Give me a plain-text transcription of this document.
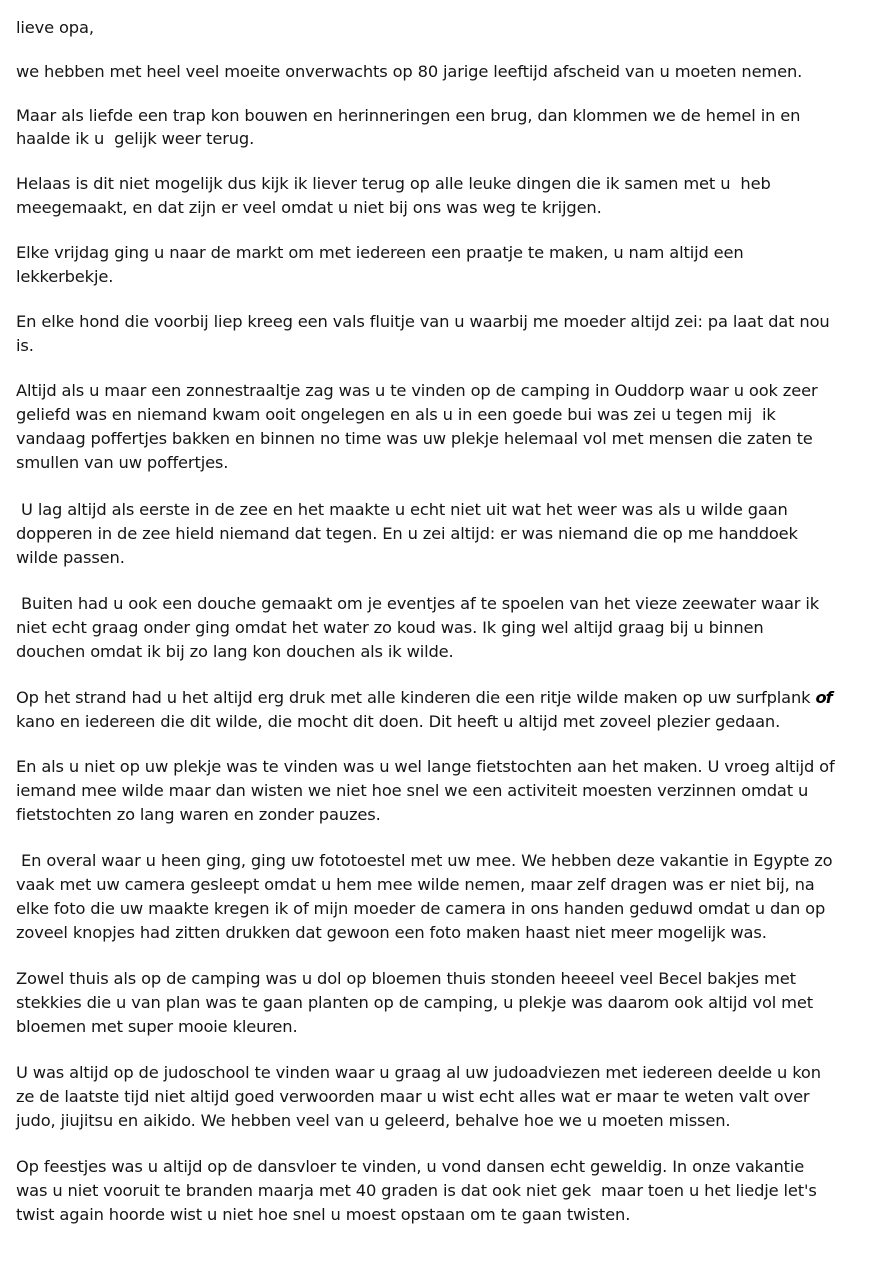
lieve opa,
we hebben met heel veel moeite onverwachts op 80 jarige leeftijd afscheid van u moeten nemen.
Maar als liefde een trap kon bouwen en herinneringen een brug, dan klommen we de hemel in en
haalde ik u  gelijk weer terug.
Helaas is dit niet mogelijk dus kijk ik liever terug op alle leuke dingen die ik samen met u  heb
meegemaakt, en dat zijn er veel omdat u niet bij ons was weg te krijgen.
Elke vrijdag ging u naar de markt om met iedereen een praatje te maken, u nam altijd een
lekkerbekje.
En elke hond die voorbij liep kreeg een vals fluitje van u waarbij me moeder altijd zei: pa laat dat nou
is.
Altijd als u maar een zonnestraaltje zag was u te vinden op de camping in Ouddorp waar u ook zeer
geliefd was en niemand kwam ooit ongelegen en als u in een goede bui was zei u tegen mij  ik
vandaag poffertjes bakken en binnen no time was uw plekje helemaal vol met mensen die zaten te
smullen van uw poffertjes.
U lag altijd als eerste in de zee en het maakte u echt niet uit wat het weer was als u wilde gaan
dopperen in de zee hield niemand dat tegen. En u zei altijd: er was niemand die op me handdoek
wilde passen.
Buiten had u ook een douche gemaakt om je eventjes af te spoelen van het vieze zeewater waar ik
niet echt graag onder ging omdat het water zo koud was. Ik ging wel altijd graag bij u binnen
douchen omdat ik bij zo lang kon douchen als ik wilde.
Op het strand had u het altijd erg druk met alle kinderen die een ritje wilde maken op uw surfplank of
kano en iedereen die dit wilde, die mocht dit doen. Dit heeft u altijd met zoveel plezier gedaan.
En als u niet op uw plekje was te vinden was u wel lange fietstochten aan het maken. U vroeg altijd of
iemand mee wilde maar dan wisten we niet hoe snel we een activiteit moesten verzinnen omdat u
fietstochten zo lang waren en zonder pauzes.
En overal waar u heen ging, ging uw fototoestel met uw mee. We hebben deze vakantie in Egypte zo
vaak met uw camera gesleept omdat u hem mee wilde nemen, maar zelf dragen was er niet bij, na
elke foto die uw maakte kregen ik of mijn moeder de camera in ons handen geduwd omdat u dan op
zoveel knopjes had zitten drukken dat gewoon een foto maken haast niet meer mogelijk was.
Zowel thuis als op de camping was u dol op bloemen thuis stonden heeeel veel Becel bakjes met
stekkies die u van plan was te gaan planten op de camping, u plekje was daarom ook altijd vol met
bloemen met super mooie kleuren.
U was altijd op de judoschool te vinden waar u graag al uw judoadviezen met iedereen deelde u kon
ze de laatste tijd niet altijd goed verwoorden maar u wist echt alles wat er maar te weten valt over
judo, jiujitsu en aikido. We hebben veel van u geleerd, behalve hoe we u moeten missen.
Op feestjes was u altijd op de dansvloer te vinden, u vond dansen echt geweldig. In onze vakantie
was u niet vooruit te branden maarja met 40 graden is dat ook niet gek  maar toen u het liedje let's
twist again hoorde wist u niet hoe snel u moest opstaan om te gaan twisten.
